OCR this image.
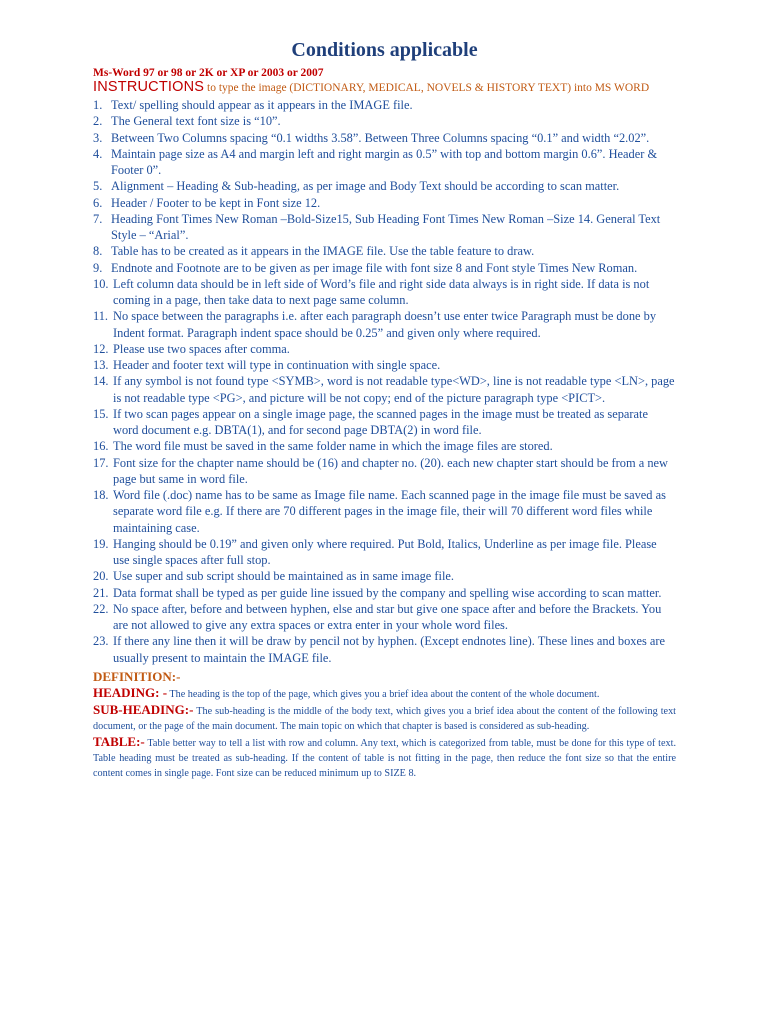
Conditions applicable
Ms-Word 97 or 98 or 2K or XP or 2003 or 2007
INSTRUCTIONS to type the image (DICTIONARY, MEDICAL, NOVELS & HISTORY TEXT) into MS WORD
1. Text/ spelling should appear as it appears in the IMAGE file.
2. The General text font size is “10”.
3. Between Two Columns spacing “0.1 widths 3.58”. Between Three Columns spacing “0.1” and width “2.02”.
4. Maintain page size as A4 and margin left and right margin as 0.5” with top and bottom margin 0.6”. Header & Footer 0”.
5. Alignment – Heading & Sub-heading, as per image and Body Text should be according to scan matter.
6. Header / Footer to be kept in Font size 12.
7. Heading Font Times New Roman –Bold-Size15, Sub Heading Font Times New Roman –Size 14. General Text Style – “Arial”.
8. Table has to be created as it appears in the IMAGE file. Use the table feature to draw.
9. Endnote and Footnote are to be given as per image file with font size 8 and Font style Times New Roman.
10. Left column data should be in left side of Word’s file and right side data always is in right side. If data is not coming in a page, then take data to next page same column.
11. No space between the paragraphs i.e. after each paragraph doesn’t use enter twice Paragraph must be done by Indent format. Paragraph indent space should be 0.25” and given only where required.
12. Please use two spaces after comma.
13. Header and footer text will type in continuation with single space.
14. If any symbol is not found type <SYMB>, word is not readable type<WD>, line is not readable type <LN>, page is not readable type <PG>, and picture will be not copy; end of the picture paragraph type <PICT>.
15. If two scan pages appear on a single image page, the scanned pages in the image must be treated as separate word document e.g. DBTA(1), and for second page DBTA(2) in word file.
16. The word file must be saved in the same folder name in which the image files are stored.
17. Font size for the chapter name should be (16) and chapter no. (20). each new chapter start should be from a new page but same in word file.
18. Word file (.doc) name has to be same as Image file name. Each scanned page in the image file must be saved as separate word file e.g. If there are 70 different pages in the image file, their will 70 different word files while maintaining case.
19. Hanging should be 0.19” and given only where required. Put Bold, Italics, Underline as per image file. Please use single spaces after full stop.
20. Use super and sub script should be maintained as in same image file.
21. Data format shall be typed as per guide line issued by the company and spelling wise according to scan matter.
22. No space after, before and between hyphen, else and star but give one space after and before the Brackets. You are not allowed to give any extra spaces or extra enter in your whole word files.
23. If there any line then it will be draw by pencil not by hyphen. (Except endnotes line). These lines and boxes are usually present to maintain the IMAGE file.
DEFINITION:-

HEADING: - The heading is the top of the page, which gives you a brief idea about the content of the whole document.

SUB-HEADING:- The sub-heading is the middle of the body text, which gives you a brief idea about the content of the following text document, or the page of the main document. The main topic on which that chapter is based is considered as sub-heading.

TABLE:- Table better way to tell a list with row and column. Any text, which is categorized from table, must be done for this type of text. Table heading must be treated as sub-heading. If the content of table is not fitting in the page, then reduce the font size so that the entire content comes in single page. Font size can be reduced minimum up to SIZE 8.
